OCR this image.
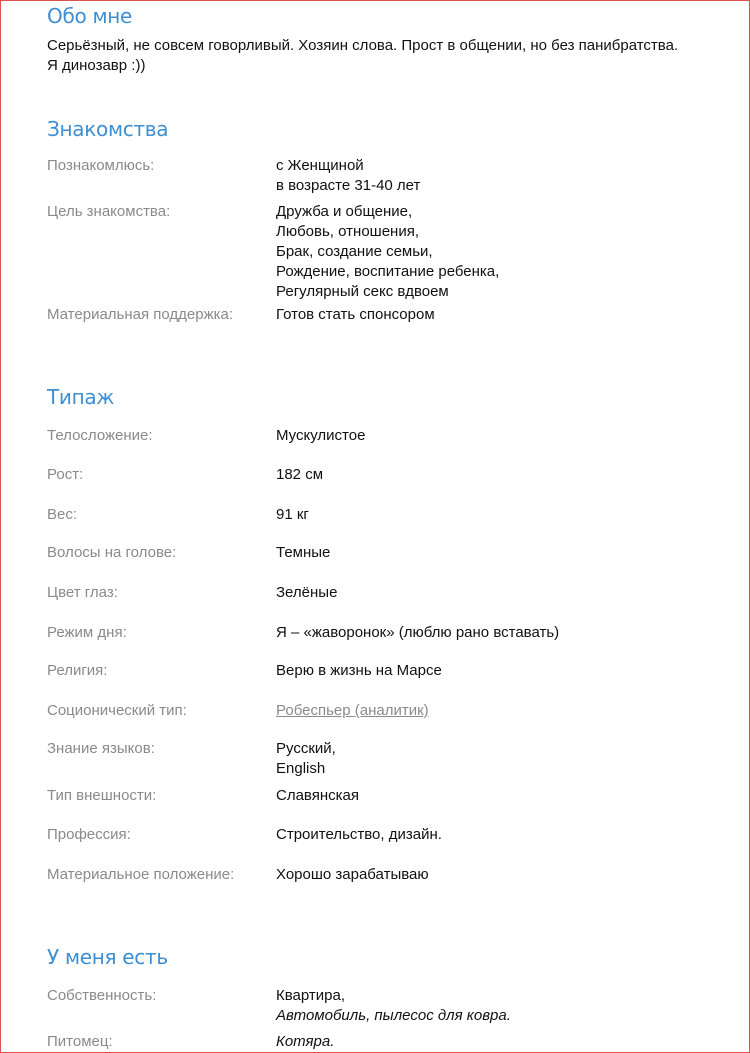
Обо мне
Серьёзный, не совсем говорливый. Хозяин слова. Прост в общении, но без панибратства.
Я динозавр :))
Знакомства
Познакомлюсь:	с Женщиной
в возрасте 31-40 лет
Цель знакомства:	Дружба и общение,
Любовь, отношения,
Брак, создание семьи,
Рождение, воспитание ребенка,
Регулярный секс вдвоем
Материальная поддержка:	Готов стать спонсором
Типаж
Телосложение:	Мускулистое
Рост:	182 см
Вес:	91 кг
Волосы на голове:	Темные
Цвет глаз:	Зелёные
Режим дня:	Я – «жаворонок» (люблю рано вставать)
Религия:	Верю в жизнь на Марсе
Соционический тип:	Робеспьер (аналитик)
Знание языков:	Русский,
English
Тип внешности:	Славянская
Профессия:	Строительство, дизайн.
Материальное положение:	Хорошо зарабатываю
У меня есть
Собственность:	Квартира,
Автомобиль, пылесос для ковра.
Питомец:	Котяра.
